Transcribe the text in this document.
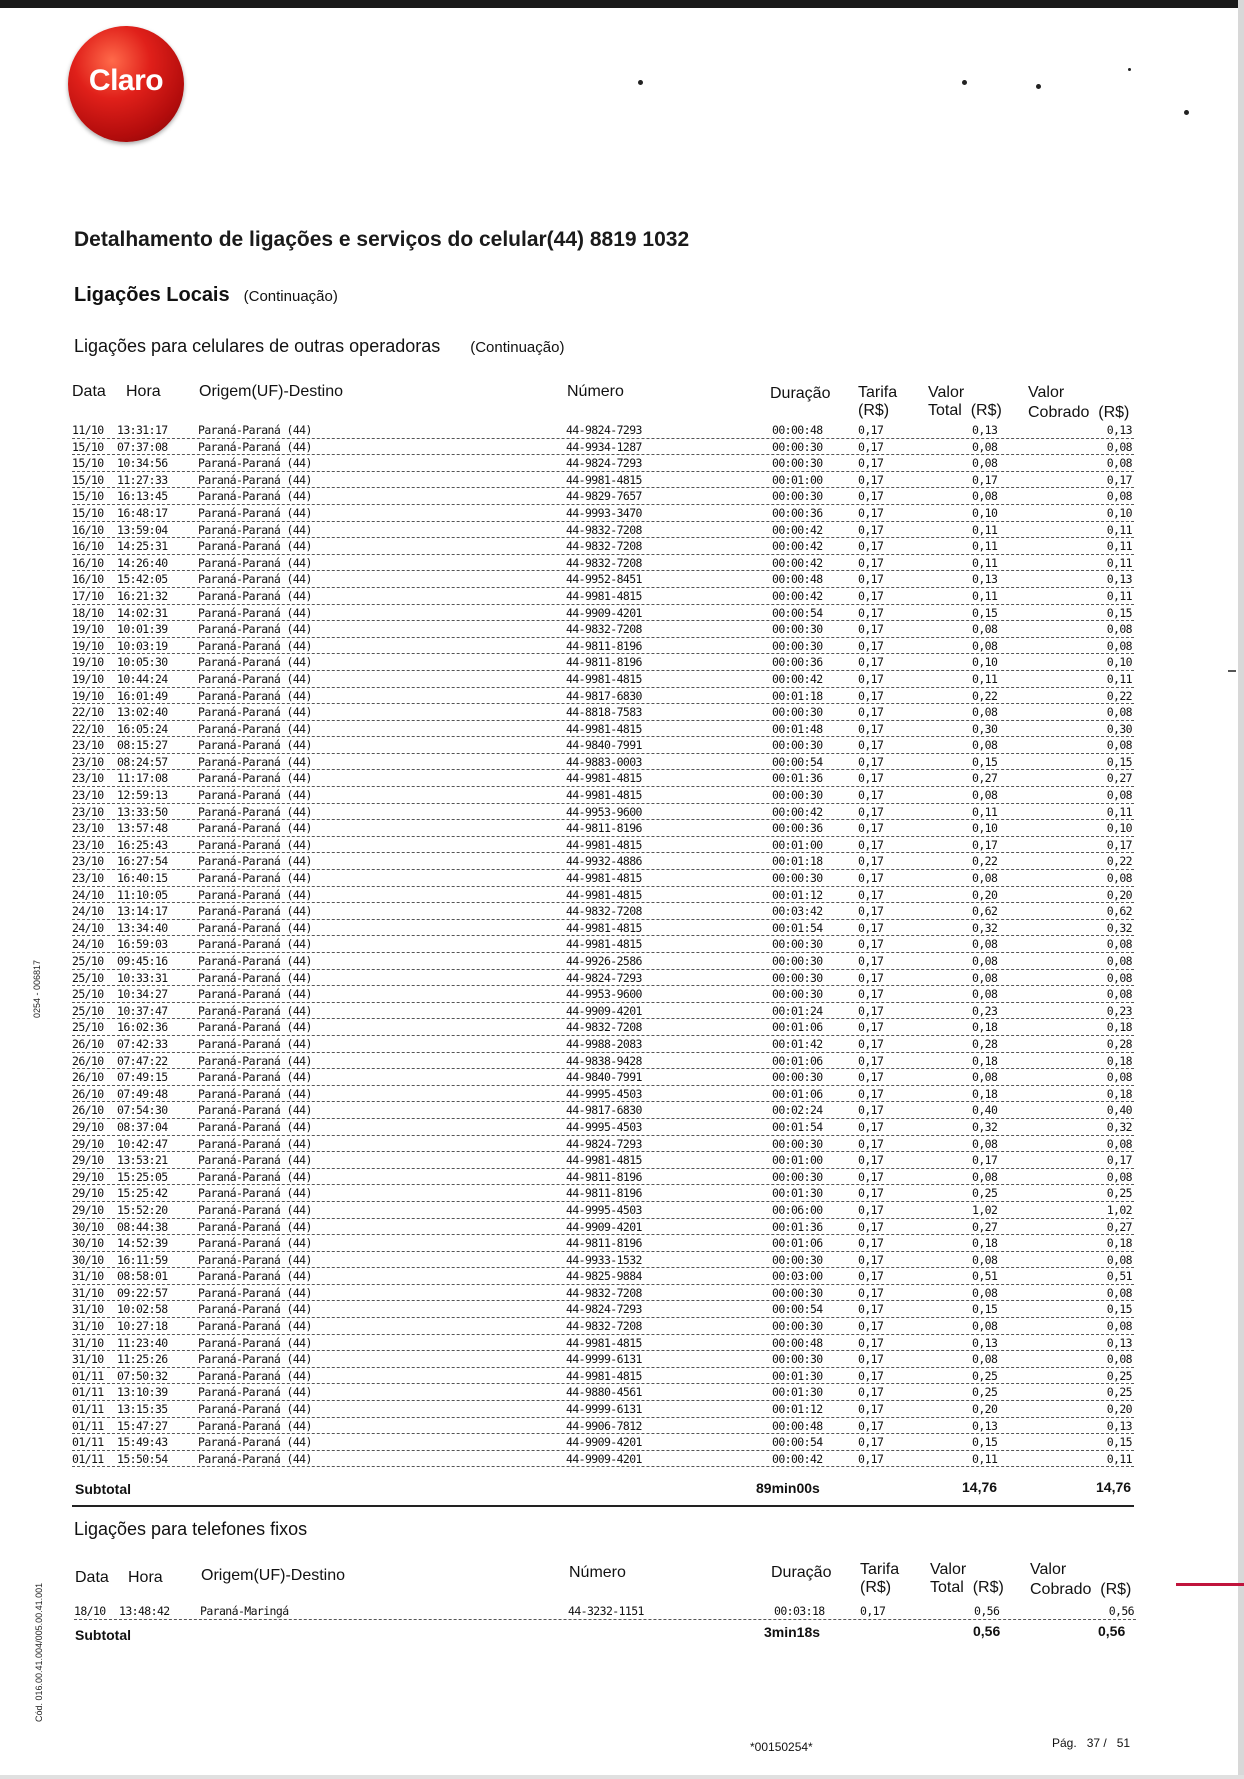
Claro
Detalhamento de ligações e serviços do celular(44) 8819 1032
Ligações Locais (Continuação)
Ligações para celulares de outras operadoras (Continuação)
Data Hora Origem(UF)-Destino	Número	Duração Tarifa
(R$)
Valor
Total  (R$)
Valor
Cobrado  (R$)
11/10 13:31:17	Paraná-Paraná (44)	44-9824-7293	00:00:48	0,17	0,13	0,13
15/10 07:37:08	Paraná-Paraná (44)	44-9934-1287	00:00:30	0,17	0,08	0,08
15/10 10:34:56	Paraná-Paraná (44)	44-9824-7293	00:00:30	0,17	0,08	0,08
15/10 11:27:33	Paraná-Paraná (44)	44-9981-4815	00:01:00	0,17	0,17	0,17
15/10 16:13:45	Paraná-Paraná (44)	44-9829-7657	00:00:30	0,17	0,08	0,08
15/10 16:48:17	Paraná-Paraná (44)	44-9993-3470	00:00:36	0,17	0,10	0,10
16/10 13:59:04	Paraná-Paraná (44)	44-9832-7208	00:00:42	0,17	0,11	0,11
16/10 14:25:31	Paraná-Paraná (44)	44-9832-7208	00:00:42	0,17	0,11	0,11
16/10 14:26:40	Paraná-Paraná (44)	44-9832-7208	00:00:42	0,17	0,11	0,11
16/10 15:42:05	Paraná-Paraná (44)	44-9952-8451	00:00:48	0,17	0,13	0,13
17/10 16:21:32	Paraná-Paraná (44)	44-9981-4815	00:00:42	0,17	0,11	0,11
18/10 14:02:31	Paraná-Paraná (44)	44-9909-4201	00:00:54	0,17	0,15	0,15
19/10 10:01:39	Paraná-Paraná (44)	44-9832-7208	00:00:30	0,17	0,08	0,08
19/10 10:03:19	Paraná-Paraná (44)	44-9811-8196	00:00:30	0,17	0,08	0,08
19/10 10:05:30	Paraná-Paraná (44)	44-9811-8196	00:00:36	0,17	0,10	0,10
19/10 10:44:24	Paraná-Paraná (44)	44-9981-4815	00:00:42	0,17	0,11	0,11
19/10 16:01:49	Paraná-Paraná (44)	44-9817-6830	00:01:18	0,17	0,22	0,22
22/10 13:02:40	Paraná-Paraná (44)	44-8818-7583	00:00:30	0,17	0,08	0,08
22/10 16:05:24	Paraná-Paraná (44)	44-9981-4815	00:01:48	0,17	0,30	0,30
23/10 08:15:27	Paraná-Paraná (44)	44-9840-7991	00:00:30	0,17	0,08	0,08
23/10 08:24:57	Paraná-Paraná (44)	44-9883-0003	00:00:54	0,17	0,15	0,15
23/10 11:17:08	Paraná-Paraná (44)	44-9981-4815	00:01:36	0,17	0,27	0,27
23/10 12:59:13	Paraná-Paraná (44)	44-9981-4815	00:00:30	0,17	0,08	0,08
23/10 13:33:50	Paraná-Paraná (44)	44-9953-9600	00:00:42	0,17	0,11	0,11
23/10 13:57:48	Paraná-Paraná (44)	44-9811-8196	00:00:36	0,17	0,10	0,10
23/10 16:25:43	Paraná-Paraná (44)	44-9981-4815	00:01:00	0,17	0,17	0,17
23/10 16:27:54	Paraná-Paraná (44)	44-9932-4886	00:01:18	0,17	0,22	0,22
23/10 16:40:15	Paraná-Paraná (44)	44-9981-4815	00:00:30	0,17	0,08	0,08
24/10 11:10:05	Paraná-Paraná (44)	44-9981-4815	00:01:12	0,17	0,20	0,20
24/10 13:14:17	Paraná-Paraná (44)	44-9832-7208	00:03:42	0,17	0,62	0,62
24/10 13:34:40	Paraná-Paraná (44)	44-9981-4815	00:01:54	0,17	0,32	0,32
24/10 16:59:03	Paraná-Paraná (44)	44-9981-4815	00:00:30	0,17	0,08	0,08
25/10 09:45:16	Paraná-Paraná (44)	44-9926-2586	00:00:30	0,17	0,08	0,08
25/10 10:33:31	Paraná-Paraná (44)	44-9824-7293	00:00:30	0,17	0,08	0,08
25/10 10:34:27	Paraná-Paraná (44)	44-9953-9600	00:00:30	0,17	0,08	0,08
25/10 10:37:47	Paraná-Paraná (44)	44-9909-4201	00:01:24	0,17	0,23	0,23
25/10 16:02:36	Paraná-Paraná (44)	44-9832-7208	00:01:06	0,17	0,18	0,18
26/10 07:42:33	Paraná-Paraná (44)	44-9988-2083	00:01:42	0,17	0,28	0,28
26/10 07:47:22	Paraná-Paraná (44)	44-9838-9428	00:01:06	0,17	0,18	0,18
26/10 07:49:15	Paraná-Paraná (44)	44-9840-7991	00:00:30	0,17	0,08	0,08
26/10 07:49:48	Paraná-Paraná (44)	44-9995-4503	00:01:06	0,17	0,18	0,18
26/10 07:54:30	Paraná-Paraná (44)	44-9817-6830	00:02:24	0,17	0,40	0,40
29/10 08:37:04	Paraná-Paraná (44)	44-9995-4503	00:01:54	0,17	0,32	0,32
29/10 10:42:47	Paraná-Paraná (44)	44-9824-7293	00:00:30	0,17	0,08	0,08
29/10 13:53:21	Paraná-Paraná (44)	44-9981-4815	00:01:00	0,17	0,17	0,17
29/10 15:25:05	Paraná-Paraná (44)	44-9811-8196	00:00:30	0,17	0,08	0,08
29/10 15:25:42	Paraná-Paraná (44)	44-9811-8196	00:01:30	0,17	0,25	0,25
29/10 15:52:20	Paraná-Paraná (44)	44-9995-4503	00:06:00	0,17	1,02	1,02
30/10 08:44:38	Paraná-Paraná (44)	44-9909-4201	00:01:36	0,17	0,27	0,27
30/10 14:52:39	Paraná-Paraná (44)	44-9811-8196	00:01:06	0,17	0,18	0,18
30/10 16:11:59	Paraná-Paraná (44)	44-9933-1532	00:00:30	0,17	0,08	0,08
31/10 08:58:01	Paraná-Paraná (44)	44-9825-9884	00:03:00	0,17	0,51	0,51
31/10 09:22:57	Paraná-Paraná (44)	44-9832-7208	00:00:30	0,17	0,08	0,08
31/10 10:02:58	Paraná-Paraná (44)	44-9824-7293	00:00:54	0,17	0,15	0,15
31/10 10:27:18	Paraná-Paraná (44)	44-9832-7208	00:00:30	0,17	0,08	0,08
31/10 11:23:40	Paraná-Paraná (44)	44-9981-4815	00:00:48	0,17	0,13	0,13
31/10 11:25:26	Paraná-Paraná (44)	44-9999-6131	00:00:30	0,17	0,08	0,08
01/11 07:50:32	Paraná-Paraná (44)	44-9981-4815	00:01:30	0,17	0,25	0,25
01/11 13:10:39	Paraná-Paraná (44)	44-9880-4561	00:01:30	0,17	0,25	0,25
01/11 13:15:35	Paraná-Paraná (44)	44-9999-6131	00:01:12	0,17	0,20	0,20
01/11 15:47:27	Paraná-Paraná (44)	44-9906-7812	00:00:48	0,17	0,13	0,13
01/11 15:49:43	Paraná-Paraná (44)	44-9909-4201	00:00:54	0,17	0,15	0,15
01/11 15:50:54	Paraná-Paraná (44)	44-9909-4201	00:00:42	0,17	0,11	0,11
Subtotal	89min00s	14,76	14,76
Ligações para telefones fixos
Data Hora Origem(UF)-Destino	Número	Duração Tarifa
(R$)
Valor
Total  (R$)
Valor
Cobrado  (R$)
18/10 13:48:42	Paraná-Maringá	44-3232-1151	00:03:18	0,17	0,56	0,56
Subtotal	3min18s	0,56	0,56
0254 - 006817
Cód. 016.00.41.004/005.00.41.001
*00150254*	Pág.   37 /   51
